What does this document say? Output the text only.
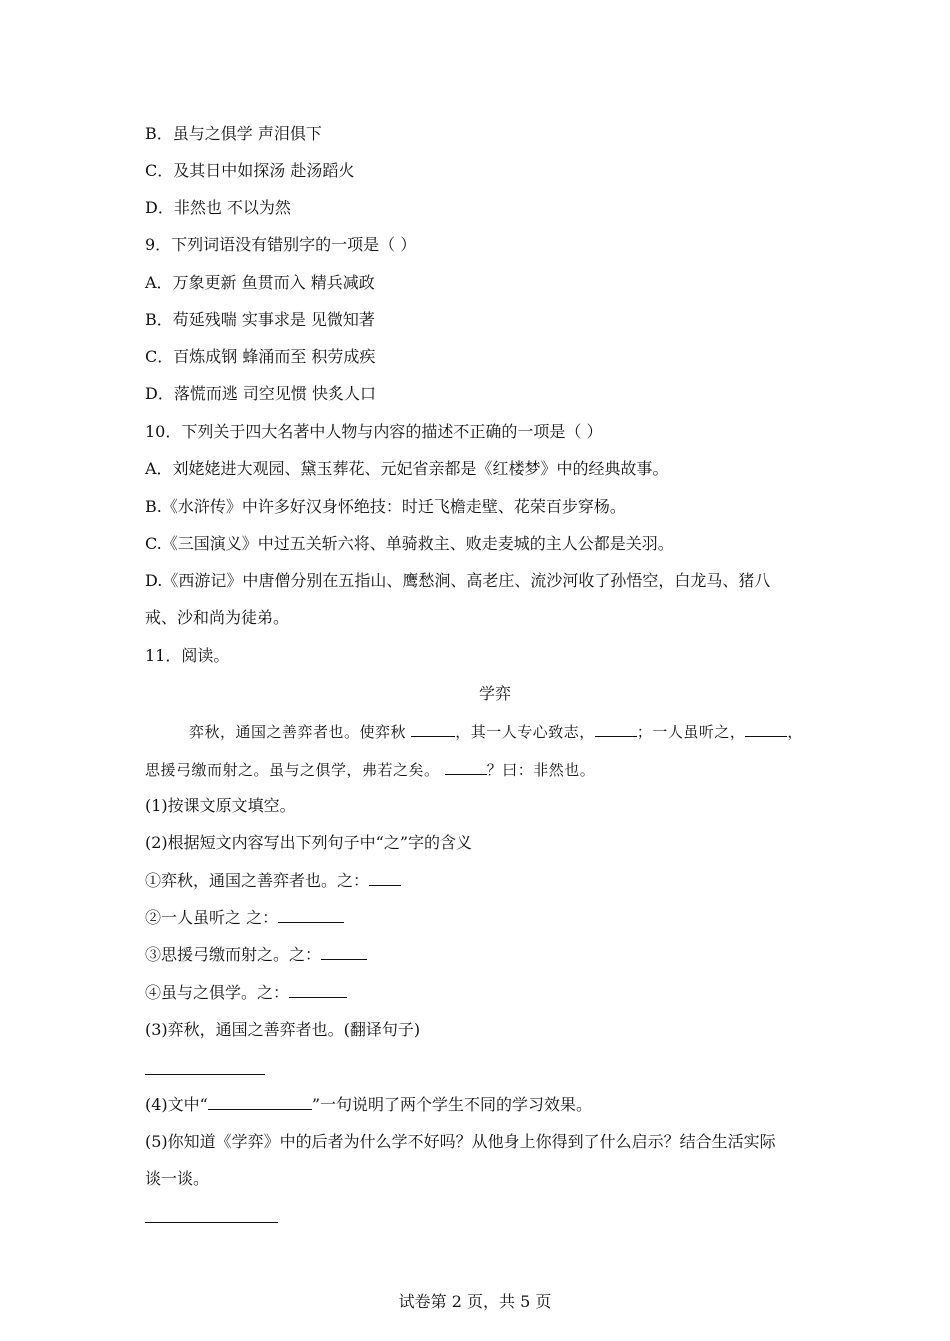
B．虽与之俱学 声泪俱下
C．及其日中如探汤 赴汤蹈火
D．非然也 不以为然
9．下列词语没有错别字的一项是（ ）
A．万象更新 鱼贯而入 精兵减政
B．苟延残喘 实事求是 见微知著
C．百炼成钢 蜂涌而至 积劳成疾
D．落慌而逃 司空见惯 快炙人口
10．下列关于四大名著中人物与内容的描述不正确的一项是（ ）
A．刘姥姥进大观园、黛玉葬花、元妃省亲都是《红楼梦》中的经典故事。
B.《水浒传》中许多好汉身怀绝技：时迁飞檐走壁、花荣百步穿杨。
C.《三国演义》中过五关斩六将、单骑救主、败走麦城的主人公都是关羽。
D.《西游记》中唐僧分别在五指山、鹰愁涧、高老庄、流沙河收了孙悟空，白龙马、猪八
戒、沙和尚为徒弟。
11．阅读。
学弈
弈秋，通国之善弈者也。使弈秋	，其一人专心致志，	；一人虽听之，	，
思援弓缴而射之。虽与之俱学，弗若之矣。	？曰：非然也。
(1)按课文原文填空。
(2)根据短文内容写出下列句子中“之”字的含义
①弈秋，通国之善弈者也。之：
②一人虽听之 之：
③思援弓缴而射之。之：
④虽与之俱学。之：
(3)弈秋，通国之善弈者也。(翻译句子)
(4)文中“	”一句说明了两个学生不同的学习效果。
(5)你知道《学弈》中的后者为什么学不好吗？从他身上你得到了什么启示？结合生活实际
谈一谈。
试卷第 2 页，共 5 页
